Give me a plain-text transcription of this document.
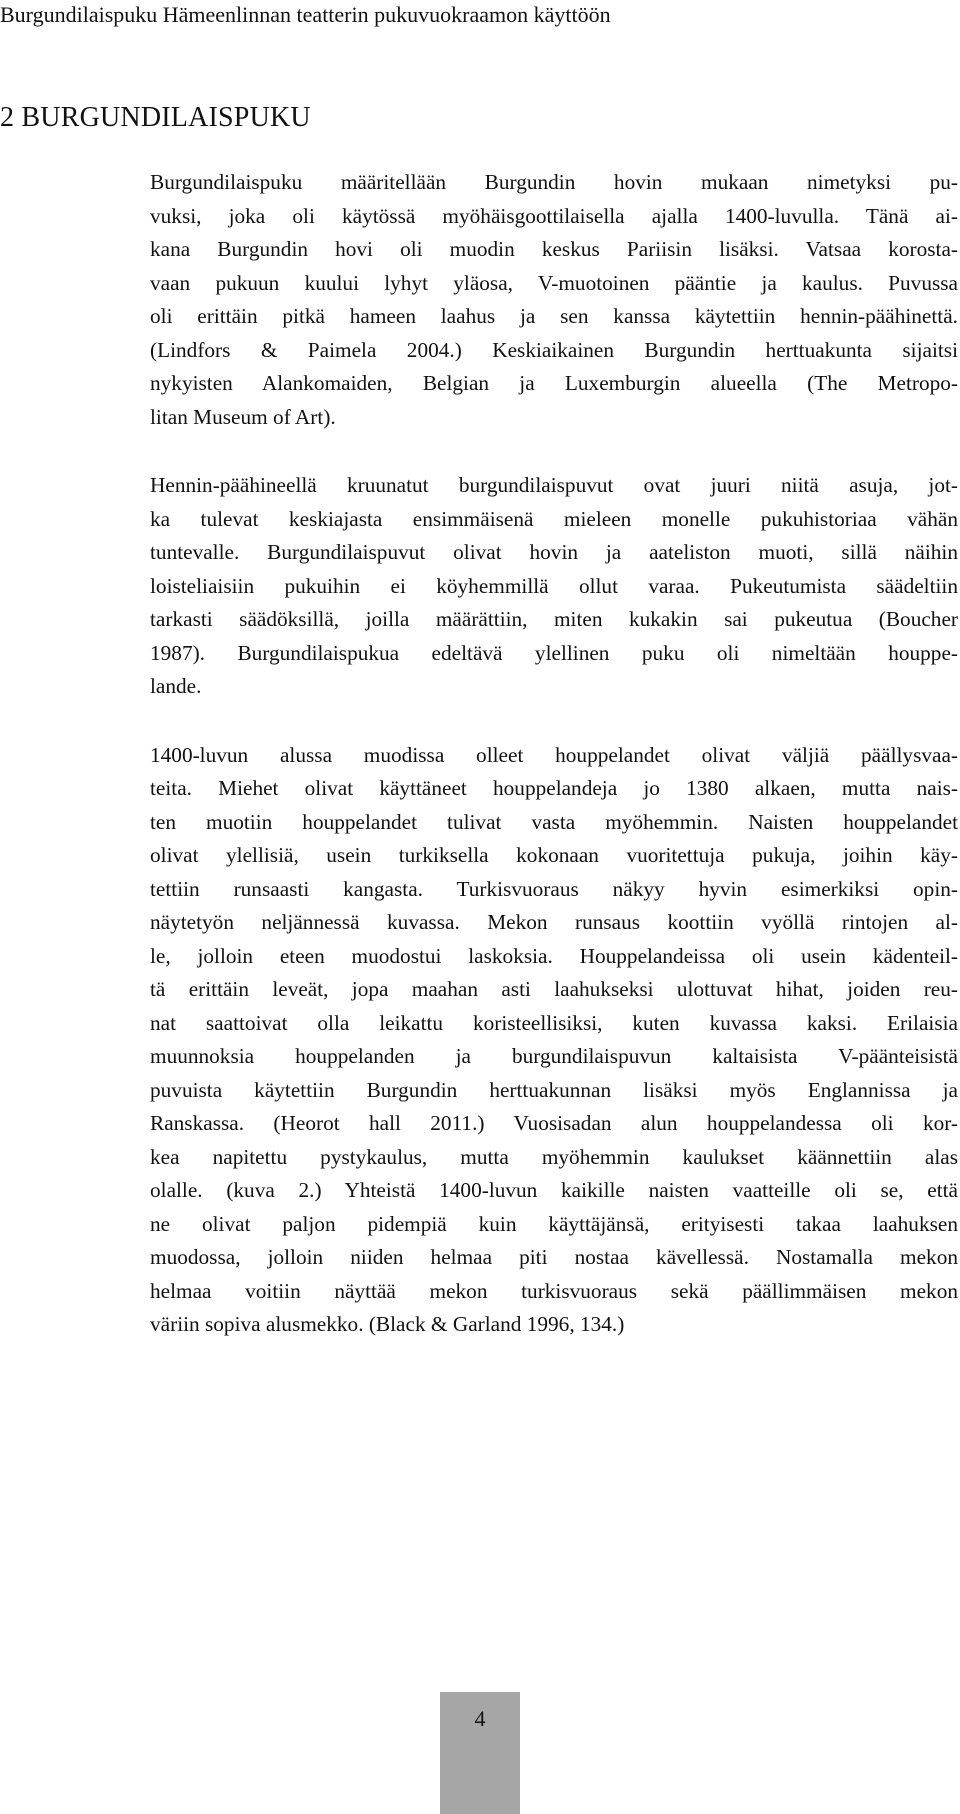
Burgundilaispuku Hämeenlinnan teatterin pukuvuokraamon käyttöön
2 BURGUNDILAISPUKU

Burgundilaispuku määritellään Burgundin hovin mukaan nimetyksi pu-
vuksi, joka oli käytössä myöhäisgoottilaisella ajalla 1400-luvulla. Tänä ai-
kana Burgundin hovi oli muodin keskus Pariisin lisäksi. Vatsaa korosta-
vaan pukuun kuului lyhyt yläosa, V-muotoinen pääntie ja kaulus. Puvussa
oli erittäin pitkä hameen laahus ja sen kanssa käytettiin hennin-päähinettä.
(Lindfors & Paimela 2004.) Keskiaikainen Burgundin herttuakunta sijaitsi
nykyisten Alankomaiden, Belgian ja Luxemburgin alueella (The Metropo-
litan Museum of Art).

Hennin-päähineellä kruunatut burgundilaispuvut ovat juuri niitä asuja, jot-
ka tulevat keskiajasta ensimmäisenä mieleen monelle pukuhistoriaa vähän
tuntevalle. Burgundilaispuvut olivat hovin ja aateliston muoti, sillä näihin
loisteliaisiin pukuihin ei köyhemmillä ollut varaa. Pukeutumista säädeltiin
tarkasti säädöksillä, joilla määrättiin, miten kukakin sai pukeutua (Boucher
1987). Burgundilaispukua edeltävä ylellinen puku oli nimeltään houppe-
lande.

1400-luvun alussa muodissa olleet houppelandet olivat väljiä päällysvaa-
teita. Miehet olivat käyttäneet houppelandeja jo 1380 alkaen, mutta nais-
ten muotiin houppelandet tulivat vasta myöhemmin. Naisten houppelandet
olivat ylellisiä, usein turkiksella kokonaan vuoritettuja pukuja, joihin käy-
tettiin runsaasti kangasta. Turkisvuoraus näkyy hyvin esimerkiksi opin-
näytetyön neljännessä kuvassa. Mekon runsaus koottiin vyöllä rintojen al-
le, jolloin eteen muodostui laskoksia. Houppelandeissa oli usein kädenteil-
tä erittäin leveät, jopa maahan asti laahukseksi ulottuvat hihat, joiden reu-
nat saattoivat olla leikattu koristeellisiksi, kuten kuvassa kaksi. Erilaisia
muunnoksia houppelanden ja burgundilaispuvun kaltaisista V-päänteisistä
puvuista käytettiin Burgundin herttuakunnan lisäksi myös Englannissa ja
Ranskassa. (Heorot hall 2011.) Vuosisadan alun houppelandessa oli kor-
kea napitettu pystykaulus, mutta myöhemmin kaulukset käännettiin alas
olalle. (kuva 2.) Yhteistä 1400-luvun kaikille naisten vaatteille oli se, että
ne olivat paljon pidempiä kuin käyttäjänsä, erityisesti takaa laahuksen
muodossa, jolloin niiden helmaa piti nostaa kävellessä. Nostamalla mekon
helmaa voitiin näyttää mekon turkisvuoraus sekä päällimmäisen mekon
väriin sopiva alusmekko. (Black & Garland 1996, 134.)

4
